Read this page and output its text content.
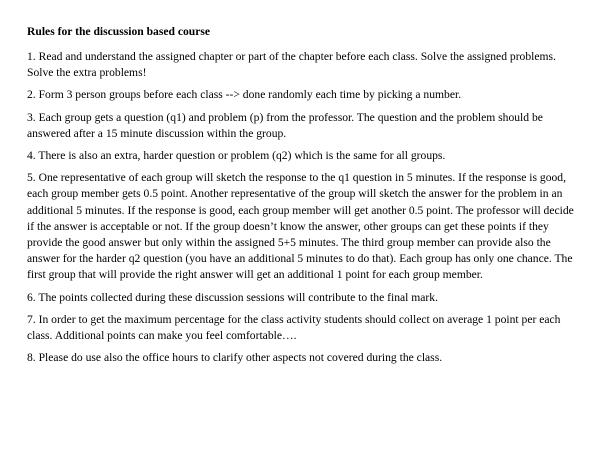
Rules for the discussion based course

1. Read and understand the assigned chapter or part of the chapter before each class. Solve the assigned problems. Solve the extra problems!

2. Form 3 person groups before each class --> done randomly each time by picking a number.

3. Each group gets a question (q1) and problem (p) from the professor. The question and the problem should be answered after a 15 minute discussion within the group.

4. There is also an extra, harder question or problem (q2) which is the same for all groups.

5. One representative of each group will sketch the response to the q1 question in 5 minutes. If the response is good, each group member gets 0.5 point. Another representative of the group will sketch the answer for the problem in an additional 5 minutes. If the response is good, each group member will get another 0.5 point. The professor will decide if the answer is acceptable or not. If the group doesn’t know the answer, other groups can get these points if they provide the good answer but only within the assigned 5+5 minutes. The third group member can provide also the answer for the harder q2 question (you have an additional 5 minutes to do that). Each group has only one chance. The first group that will provide the right answer will get an additional 1 point for each group member.

6. The points collected during these discussion sessions will contribute to the final mark.

7. In order to get the maximum percentage for the class activity students should collect on average 1 point per each class. Additional points can make you feel comfortable….

8. Please do use also the office hours to clarify other aspects not covered during the class.
